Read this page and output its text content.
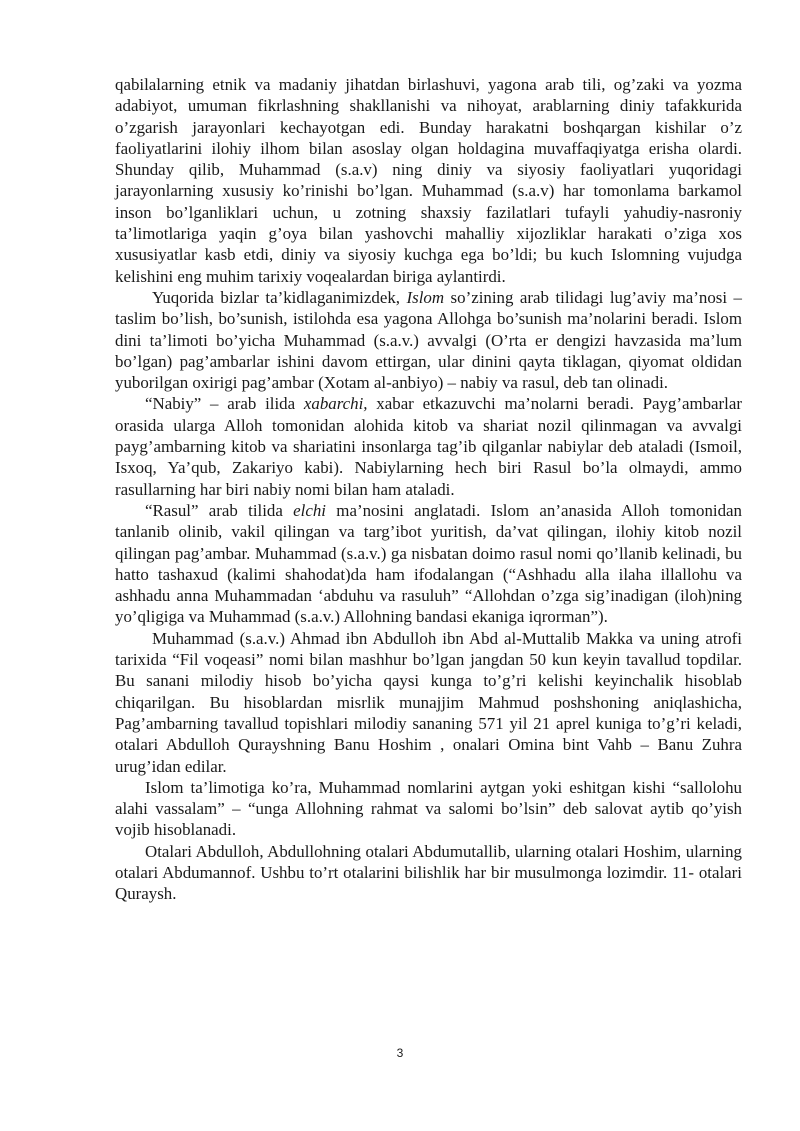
qabilalarning etnik va madaniy jihatdan birlashuvi, yagona arab tili, og’zaki va yozma adabiyot, umuman fikrlashning shakllanishi va nihoyat, arablarning diniy tafakkurida o’zgarish jarayonlari kechayotgan edi. Bunday harakatni boshqargan kishilar o’z faoliyatlarini ilohiy ilhom bilan asoslay olgan holdagina muvaffaqiyatga erisha olardi. Shunday qilib, Muhammad (s.a.v) ning diniy va siyosiy faoliyatlari yuqoridagi jarayonlarning xususiy ko’rinishi bo’lgan. Muhammad (s.a.v) har tomonlama barkamol inson bo’lganliklari uchun, u zotning shaxsiy fazilatlari tufayli yahudiy-nasroniy ta’limotlariga yaqin g’oya bilan yashovchi mahalliy xijozliklar harakati o’ziga xos xususiyatlar kasb etdi, diniy va siyosiy kuchga ega bo’ldi; bu kuch Islomning vujudga kelishini eng muhim tarixiy voqealardan biriga aylantirdi.

Yuqorida bizlar ta’kidlaganimizdek, Islom so’zining arab tilidagi lug’aviy ma’nosi – taslim bo’lish, bo’sunish, istilohda esa yagona Allohga bo’sunish ma’nolarini beradi. Islom dini ta’limoti bo’yicha Muhammad (s.a.v.) avvalgi (O’rta er dengizi havzasida ma’lum bo’lgan) pag’ambarlar ishini davom ettirgan, ular dinini qayta tiklagan, qiyomat oldidan yuborilgan oxirigi pag’ambar (Xotam al-anbiyo) – nabiy va rasul, deb tan olinadi.

“Nabiy” – arab ilida xabarchi, xabar etkazuvchi ma’nolarni beradi. Payg’ambarlar orasida ularga Alloh tomonidan alohida kitob va shariat nozil qilinmagan va avvalgi payg’ambarning kitob va shariatini insonlarga tag’ib qilganlar nabiylar deb ataladi (Ismoil, Isxoq, Ya’qub, Zakariyo kabi). Nabiylarning hech biri Rasul bo’la olmaydi, ammo rasullarning har biri nabiy nomi bilan ham ataladi.

“Rasul” arab tilida elchi ma’nosini anglatadi. Islom an’anasida Alloh tomonidan tanlanib olinib, vakil qilingan va targ’ibot yuritish, da’vat qilingan, ilohiy kitob nozil qilingan pag’ambar. Muhammad (s.a.v.) ga nisbatan doimo rasul nomi qo’llanib kelinadi, bu hatto tashaxud (kalimi shahodat)da ham ifodalangan (“Ashhadu alla ilaha illallohu va ashhadu anna Muhammadan ‘abduhu va rasuluh” “Allohdan o’zga sig’inadigan (iloh)ning yo’qligiga va Muhammad (s.a.v.) Allohning bandasi ekaniga iqrorman”).

Muhammad (s.a.v.) Ahmad ibn Abdulloh ibn Abd al-Muttalib Makka va uning atrofi tarixida “Fil voqeasi” nomi bilan mashhur bo’lgan jangdan 50 kun keyin tavallud topdilar. Bu sanani milodiy hisob bo’yicha qaysi kunga to’g’ri kelishi keyinchalik hisoblab chiqarilgan. Bu hisoblardan misrlik munajjim Mahmud poshshoning aniqlashicha, Pag’ambarning tavallud topishlari milodiy sananing 571 yil 21 aprel kuniga to’g’ri keladi, otalari Abdulloh Qurayshning Banu Hoshim , onalari Omina bint Vahb – Banu Zuhra urug’idan edilar.

Islom ta’limotiga ko’ra, Muhammad nomlarini aytgan yoki eshitgan kishi “sallolohu alahi vassalam” – “unga Allohning rahmat va salomi bo’lsin” deb salovat aytib qo’yish vojib hisoblanadi.

Otalari Abdulloh, Abdullohning otalari Abdumutallib, ularning otalari Hoshim, ularning otalari Abdumannof. Ushbu to’rt otalarini bilishlik har bir musulmonga lozimdir. 11- otalari Quraysh.

3
